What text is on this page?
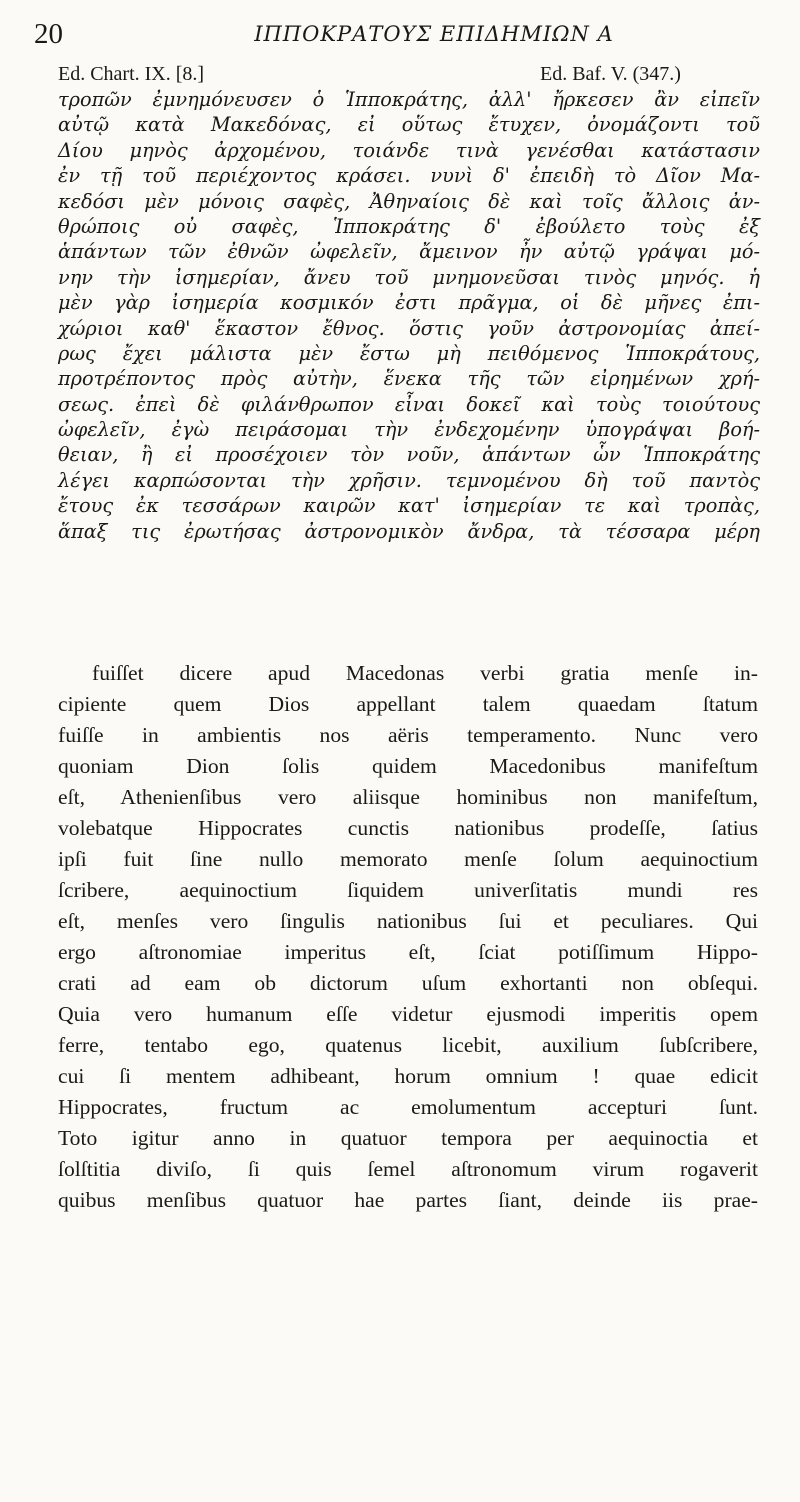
20	ΙΠΠΟΚΡΑΤΟΥΣ ΕΠΙΔΗΜΙΩΝ Α
Ed. Chart. IX. [8.]	Ed. Baf. V. (347.)
τροπῶν ἐμνημόνευσεν ὁ Ἱπποκράτης, ἀλλ' ἤρκεσεν ἂν εἰπεῖν
αὐτῷ κατὰ Μακεδόνας, εἰ οὕτως ἔτυχεν, ὀνομάζοντι τοῦ
Δίου μηνὸς ἀρχομένου, τοιάνδε τινὰ γενέσθαι κατάστασιν
ἐν τῇ τοῦ περιέχοντος κράσει. νυνὶ δ' ἐπειδὴ τὸ Δῖον Μα-
κεδόσι μὲν μόνοις σαφὲς, Ἀθηναίοις δὲ καὶ τοῖς ἄλλοις ἀν-
θρώποις οὐ σαφὲς, Ἱπποκράτης δ' ἐβούλετο τοὺς ἐξ
ἁπάντων τῶν ἐθνῶν ὠφελεῖν, ἄμεινον ἦν αὐτῷ γράψαι μό-
νην τὴν ἰσημερίαν, ἄνευ τοῦ μνημονεῦσαι τινὸς μηνός. ἡ
μὲν γὰρ ἰσημερία κοσμικόν ἐστι πρᾶγμα, οἱ δὲ μῆνες ἐπι-
χώριοι καθ' ἕκαστον ἔθνος. ὅστις γοῦν ἀστρονομίας ἀπεί-
ρως ἔχει μάλιστα μὲν ἔστω μὴ πειθόμενος Ἱπποκράτους,
προτρέποντος πρὸς αὐτὴν, ἕνεκα τῆς τῶν εἰρημένων χρή-
σεως. ἐπεὶ δὲ φιλάνθρωπον εἶναι δοκεῖ καὶ τοὺς τοιούτους
ὠφελεῖν, ἐγὼ πειράσομαι τὴν ἐνδεχομένην ὑπογράψαι βοή-
θειαν, ἢ εἰ προσέχοιεν τὸν νοῦν, ἁπάντων ὧν Ἱπποκράτης
λέγει καρπώσονται τὴν χρῆσιν. τεμνομένου δὴ τοῦ παντὸς
ἔτους ἐκ τεσσάρων καιρῶν κατ' ἰσημερίαν τε καὶ τροπὰς,
ἅπαξ τις ἐρωτήσας ἀστρονομικὸν ἄνδρα, τὰ τέσσαρα μέρη
fuiſſet dicere apud Macedonas verbi gratia menſe in-
cipiente quem Dios appellant talem quaedam ſtatum
fuiſſe in ambientis nos aëris temperamento. Nunc vero
quoniam Dion ſolis quidem Macedonibus manifeſtum
eſt, Athenienſibus vero aliisque hominibus non manifeſtum,
volebatque Hippocrates cunctis nationibus prodeſſe, ſatius
ipſi fuit ſine nullo memorato menſe ſolum aequinoctium
ſcribere, aequinoctium ſiquidem univerſitatis mundi res
eſt, menſes vero ſingulis nationibus ſui et peculiares. Qui
ergo aſtronomiae imperitus eſt, ſciat potiſſimum Hippo-
crati ad eam ob dictorum uſum exhortanti non obſequi.
Quia vero humanum eſſe videtur ejusmodi imperitis opem
ferre, tentabo ego, quatenus licebit, auxilium ſubſcribere,
cui ſi mentem adhibeant, horum omnium ! quae edicit
Hippocrates, fructum ac emolumentum accepturi ſunt.
Toto igitur anno in quatuor tempora per aequinoctia et
ſolſtitia diviſo, ſi quis ſemel aſtronomum virum rogaverit
quibus menſibus quatuor hae partes ſiant, deinde iis prae-
